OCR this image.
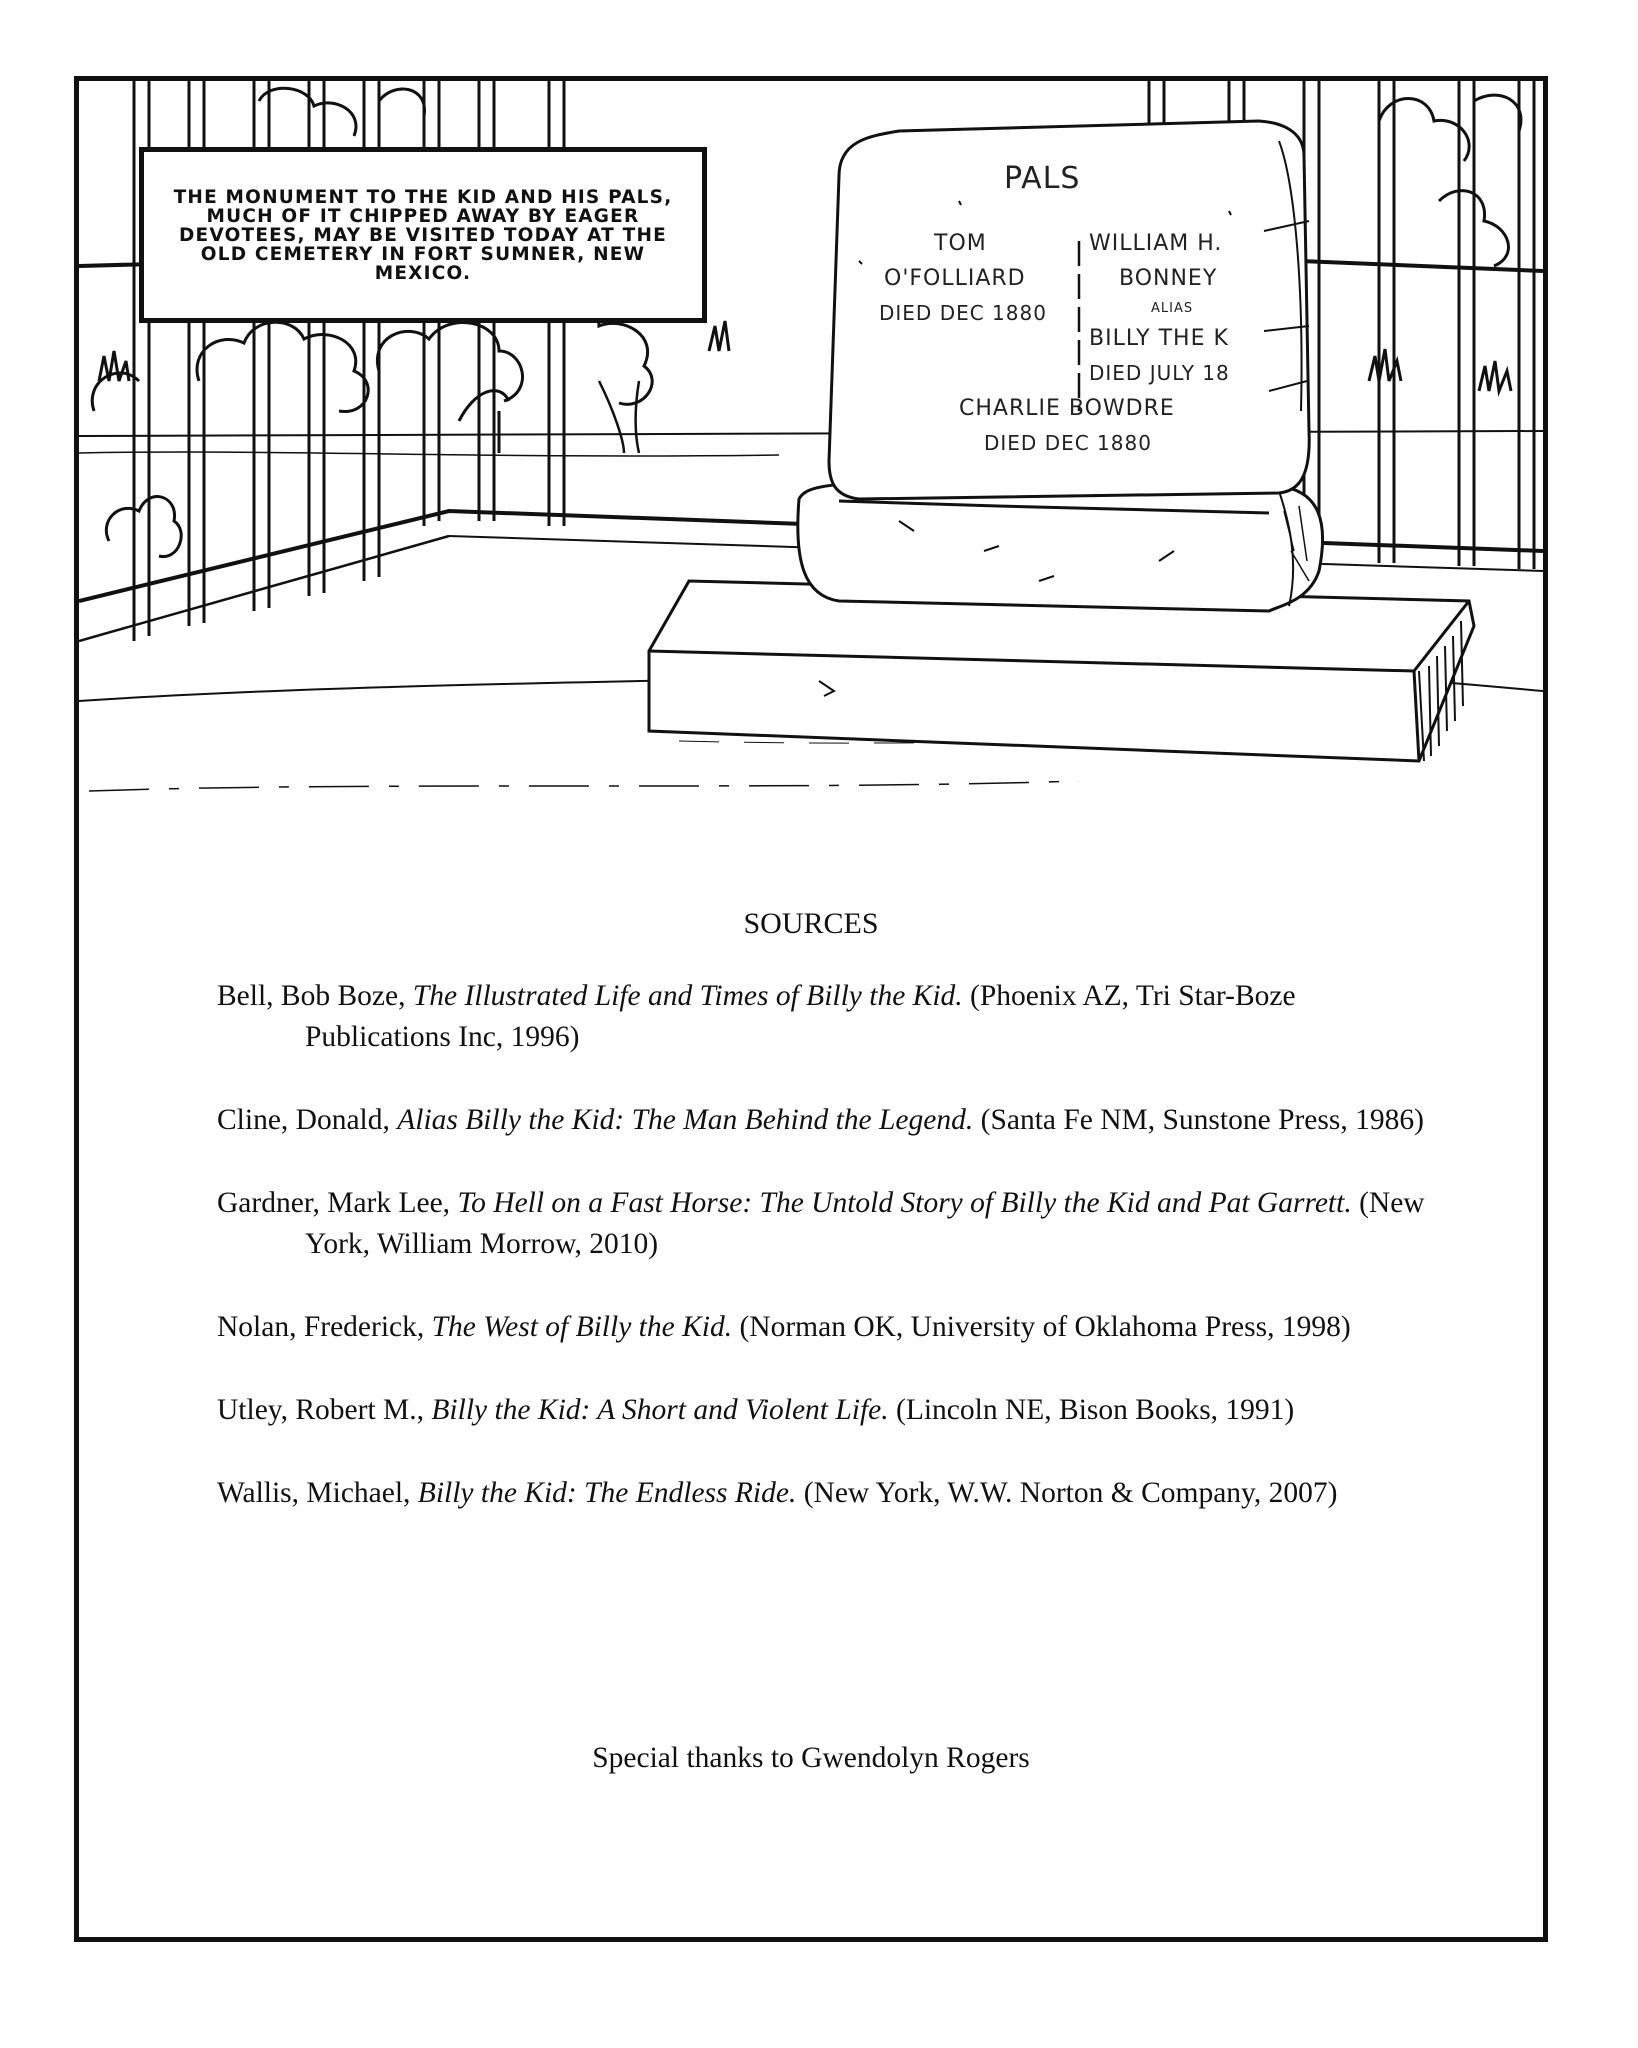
PALS
TOM
O'FOLLIARD
DIED DEC 1880
WILLIAM H.
BONNEY
ALIAS
BILLY THE K
DIED JULY 18
CHARLIE BOWDRE
DIED DEC 1880

THE MONUMENT TO THE KID AND HIS PALS, MUCH OF IT CHIPPED AWAY BY EAGER DEVOTEES, MAY BE VISITED TODAY AT THE OLD CEMETERY IN FORT SUMNER, NEW MEXICO.

SOURCES
Bell, Bob Boze, The Illustrated Life and Times of Billy the Kid. (Phoenix AZ, Tri Star-Boze Publications Inc, 1996)
Cline, Donald, Alias Billy the Kid: The Man Behind the Legend. (Santa Fe NM, Sunstone Press, 1986)
Gardner, Mark Lee, To Hell on a Fast Horse: The Untold Story of Billy the Kid and Pat Garrett. (New York, William Morrow, 2010)
Nolan, Frederick, The West of Billy the Kid. (Norman OK, University of Oklahoma Press, 1998)
Utley, Robert M., Billy the Kid: A Short and Violent Life. (Lincoln NE, Bison Books, 1991)
Wallis, Michael, Billy the Kid: The Endless Ride. (New York, W.W. Norton & Company, 2007)

Special thanks to Gwendolyn Rogers
